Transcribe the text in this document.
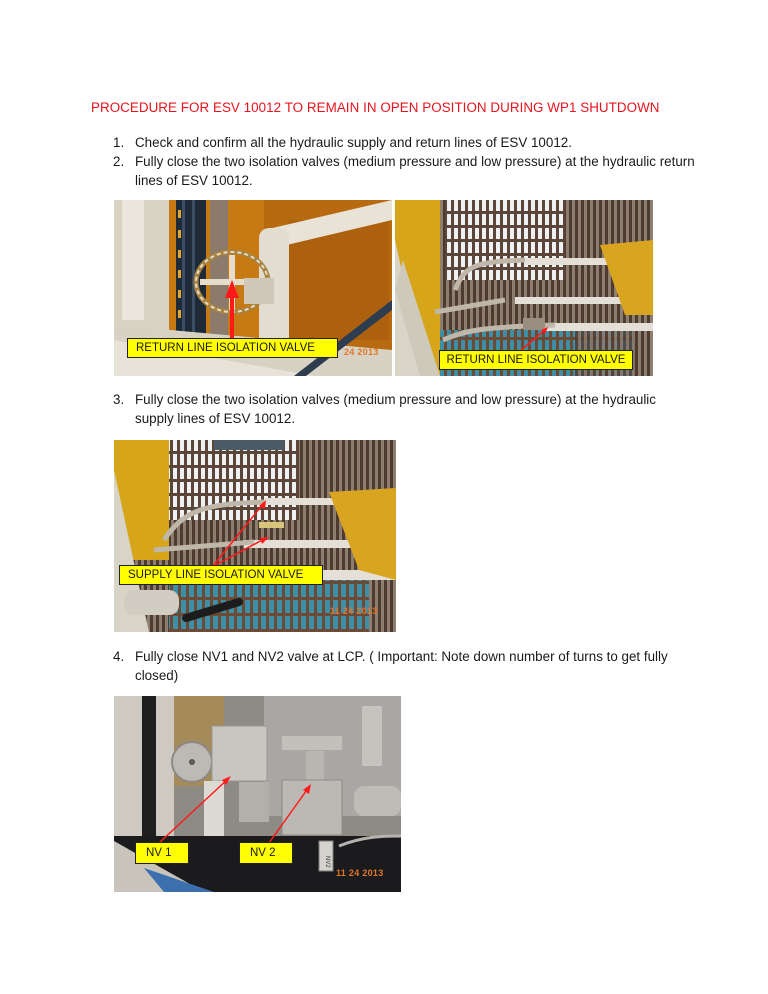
PROCEDURE FOR ESV 10012 TO REMAIN IN OPEN POSITION DURING WP1 SHUTDOWN
1. Check and confirm all the hydraulic supply and return lines of ESV 10012.
2. Fully close the two isolation valves (medium pressure and low pressure) at the hydraulic return lines of ESV 10012.
RETURN LINE ISOLATION VALVE	24 2013
RETURN LINE ISOLATION VALVE
3. Fully close the two isolation valves (medium pressure and low pressure) at the hydraulic supply lines of ESV 10012.
SUPPLY LINE ISOLATION VALVE
11 24 2013
4. Fully close NV1 and NV2 valve at LCP. ( Important: Note down number of turns to get fully closed)
NV2
NV 1	NV 2
11 24 2013
